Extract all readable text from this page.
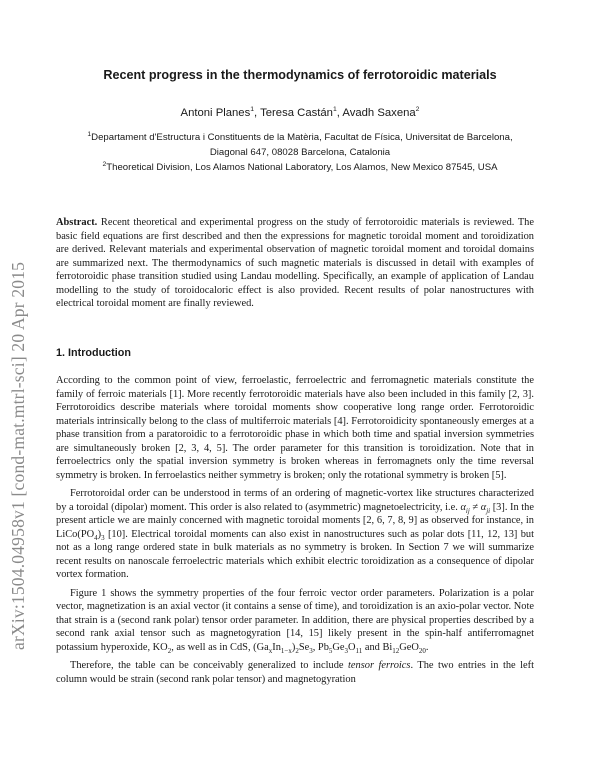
arXiv:1504.04958v1 [cond-mat.mtrl-sci] 20 Apr 2015
Recent progress in the thermodynamics of ferrotoroidic materials
Antoni Planes$^1$, Teresa Castán$^1$, Avadh Saxena$^2$
$^1$Departament d'Estructura i Constituents de la Matèria, Facultat de Física, Universitat de Barcelona, Diagonal 647, 08028 Barcelona, Catalonia
$^2$Theoretical Division, Los Alamos National Laboratory, Los Alamos, New Mexico 87545, USA

Abstract. Recent theoretical and experimental progress on the study of ferrotoroidic materials is reviewed. The basic field equations are first described and then the expressions for magnetic toroidal moment and toroidization are derived. Relevant materials and experimental observation of magnetic toroidal moment and toroidal domains are summarized next. The thermodynamics of such magnetic materials is discussed in detail with examples of ferrotoroidic phase transition studied using Landau modelling. Specifically, an example of application of Landau modelling to the study of toroidocaloric effect is also provided. Recent results of polar nanostructures with electrical toroidal moment are finally reviewed.

1. Introduction

According to the common point of view, ferroelastic, ferroelectric and ferromagnetic materials constitute the family of ferroic materials [1]. More recently ferrotoroidic materials have also been included in this family [2, 3]. Ferrotoroidics describe materials where toroidal moments show cooperative long range order. Ferrotoroidic materials intrinsically belong to the class of multiferroic materials [4]. Ferrotoroidicity spontaneously emerges at a phase transition from a paratoroidic to a ferrotoroidic phase in which both time and spatial inversion symmetries are simultaneously broken [2, 3, 4, 5]. The order parameter for this transition is toroidization. Note that in ferroelectrics only the spatial inversion symmetry is broken whereas in ferromagnets only the time reversal symmetry is broken. In ferroelastics neither symmetry is broken; only the rotational symmetry is broken [5].

Ferrotoroidal order can be understood in terms of an ordering of magnetic-vortex like structures characterized by a toroidal (dipolar) moment. This order is also related to (asymmetric) magnetoelectricity, i.e. $\alpha_{ij} \ne \alpha_{ji}$ [3]. In the present article we are mainly concerned with magnetic toroidal moments [2, 6, 7, 8, 9] as observed for instance, in $LiCo(PO_4)_3$ [10]. Electrical toroidal moments can also exist in nanostructures such as polar dots [11, 12, 13] but not as a long range ordered state in bulk materials as no symmetry is broken. In Section 7 we will summarize recent results on nanoscale ferroelectric materials which exhibit electric toroidization as a consequence of dipolar vortex formation.

Figure 1 shows the symmetry properties of the four ferroic vector order parameters. Polarization is a polar vector, magnetization is an axial vector (it contains a sense of time), and toroidization is an axio-polar vector. Note that strain is a (second rank polar) tensor order parameter. In addition, there are physical properties described by a second rank axial tensor such as magnetogyration [14, 15] likely present in the spin-half antiferromagnet potassium hyperoxide, $KO_2$, as well as in CdS, $(Ga_xIn_{1-x})_2Se_3$, $Pb_5Ge_3O_{11}$ and $Bi_{12}GeO_{20}$.

Therefore, the table can be conceivably generalized to include tensor ferroics. The two entries in the left column would be strain (second rank polar tensor) and magnetogyration
